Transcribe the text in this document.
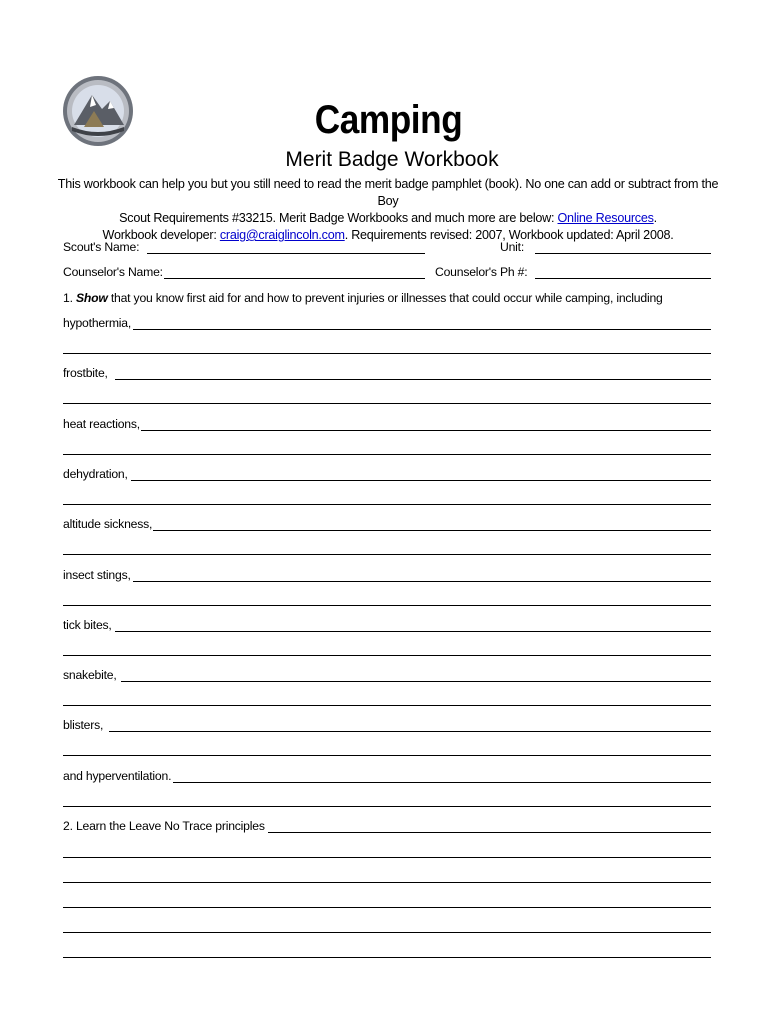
Camping
Merit Badge Workbook
This workbook can help you but you still need to read the merit badge pamphlet (book). No one can add or subtract from the Boy
Scout Requirements #33215. Merit Badge Workbooks and much more are below: Online Resources.
Workbook developer: craig@craiglincoln.com. Requirements revised: 2007, Workbook updated: April 2008.
Scout's Name:	Unit:
Counselor's Name:	Counselor's Ph #:
1. Show that you know first aid for and how to prevent injuries or illnesses that could occur while camping, including
hypothermia,
frostbite,
heat reactions,
dehydration,
altitude sickness,
insect stings,
tick bites,
snakebite,
blisters,
and hyperventilation.
2. Learn the Leave No Trace principles
